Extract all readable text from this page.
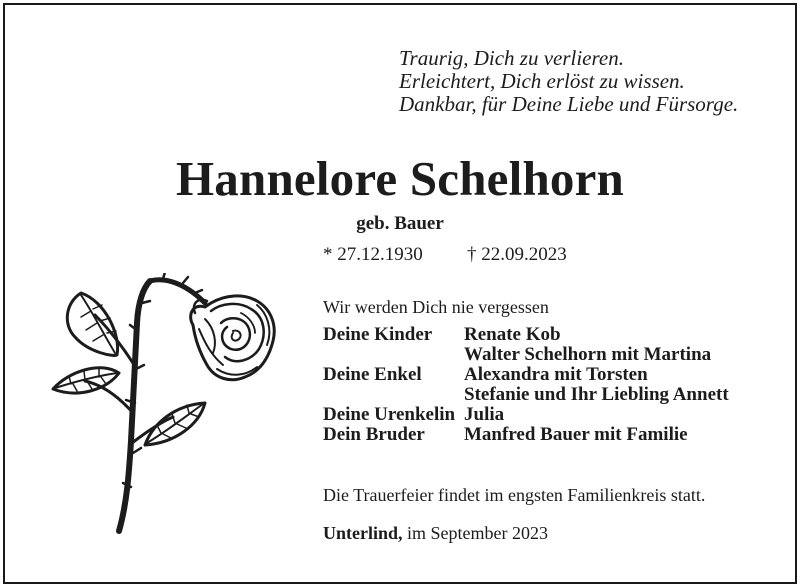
Traurig, Dich zu verlieren.
Erleichtert, Dich erlöst zu wissen.
Dankbar, für Deine Liebe und Fürsorge.
Hannelore Schelhorn
geb. Bauer
* 27.12.1930 † 22.09.2023
Wir werden Dich nie vergessen
Deine Kinder Renate Kob
Walter Schelhorn mit Martina
Deine Enkel Alexandra mit Torsten
Stefanie und Ihr Liebling Annett
Deine Urenkelin Julia
Dein Bruder Manfred Bauer mit Familie
Die Trauerfeier findet im engsten Familienkreis statt.
Unterlind, im September 2023
